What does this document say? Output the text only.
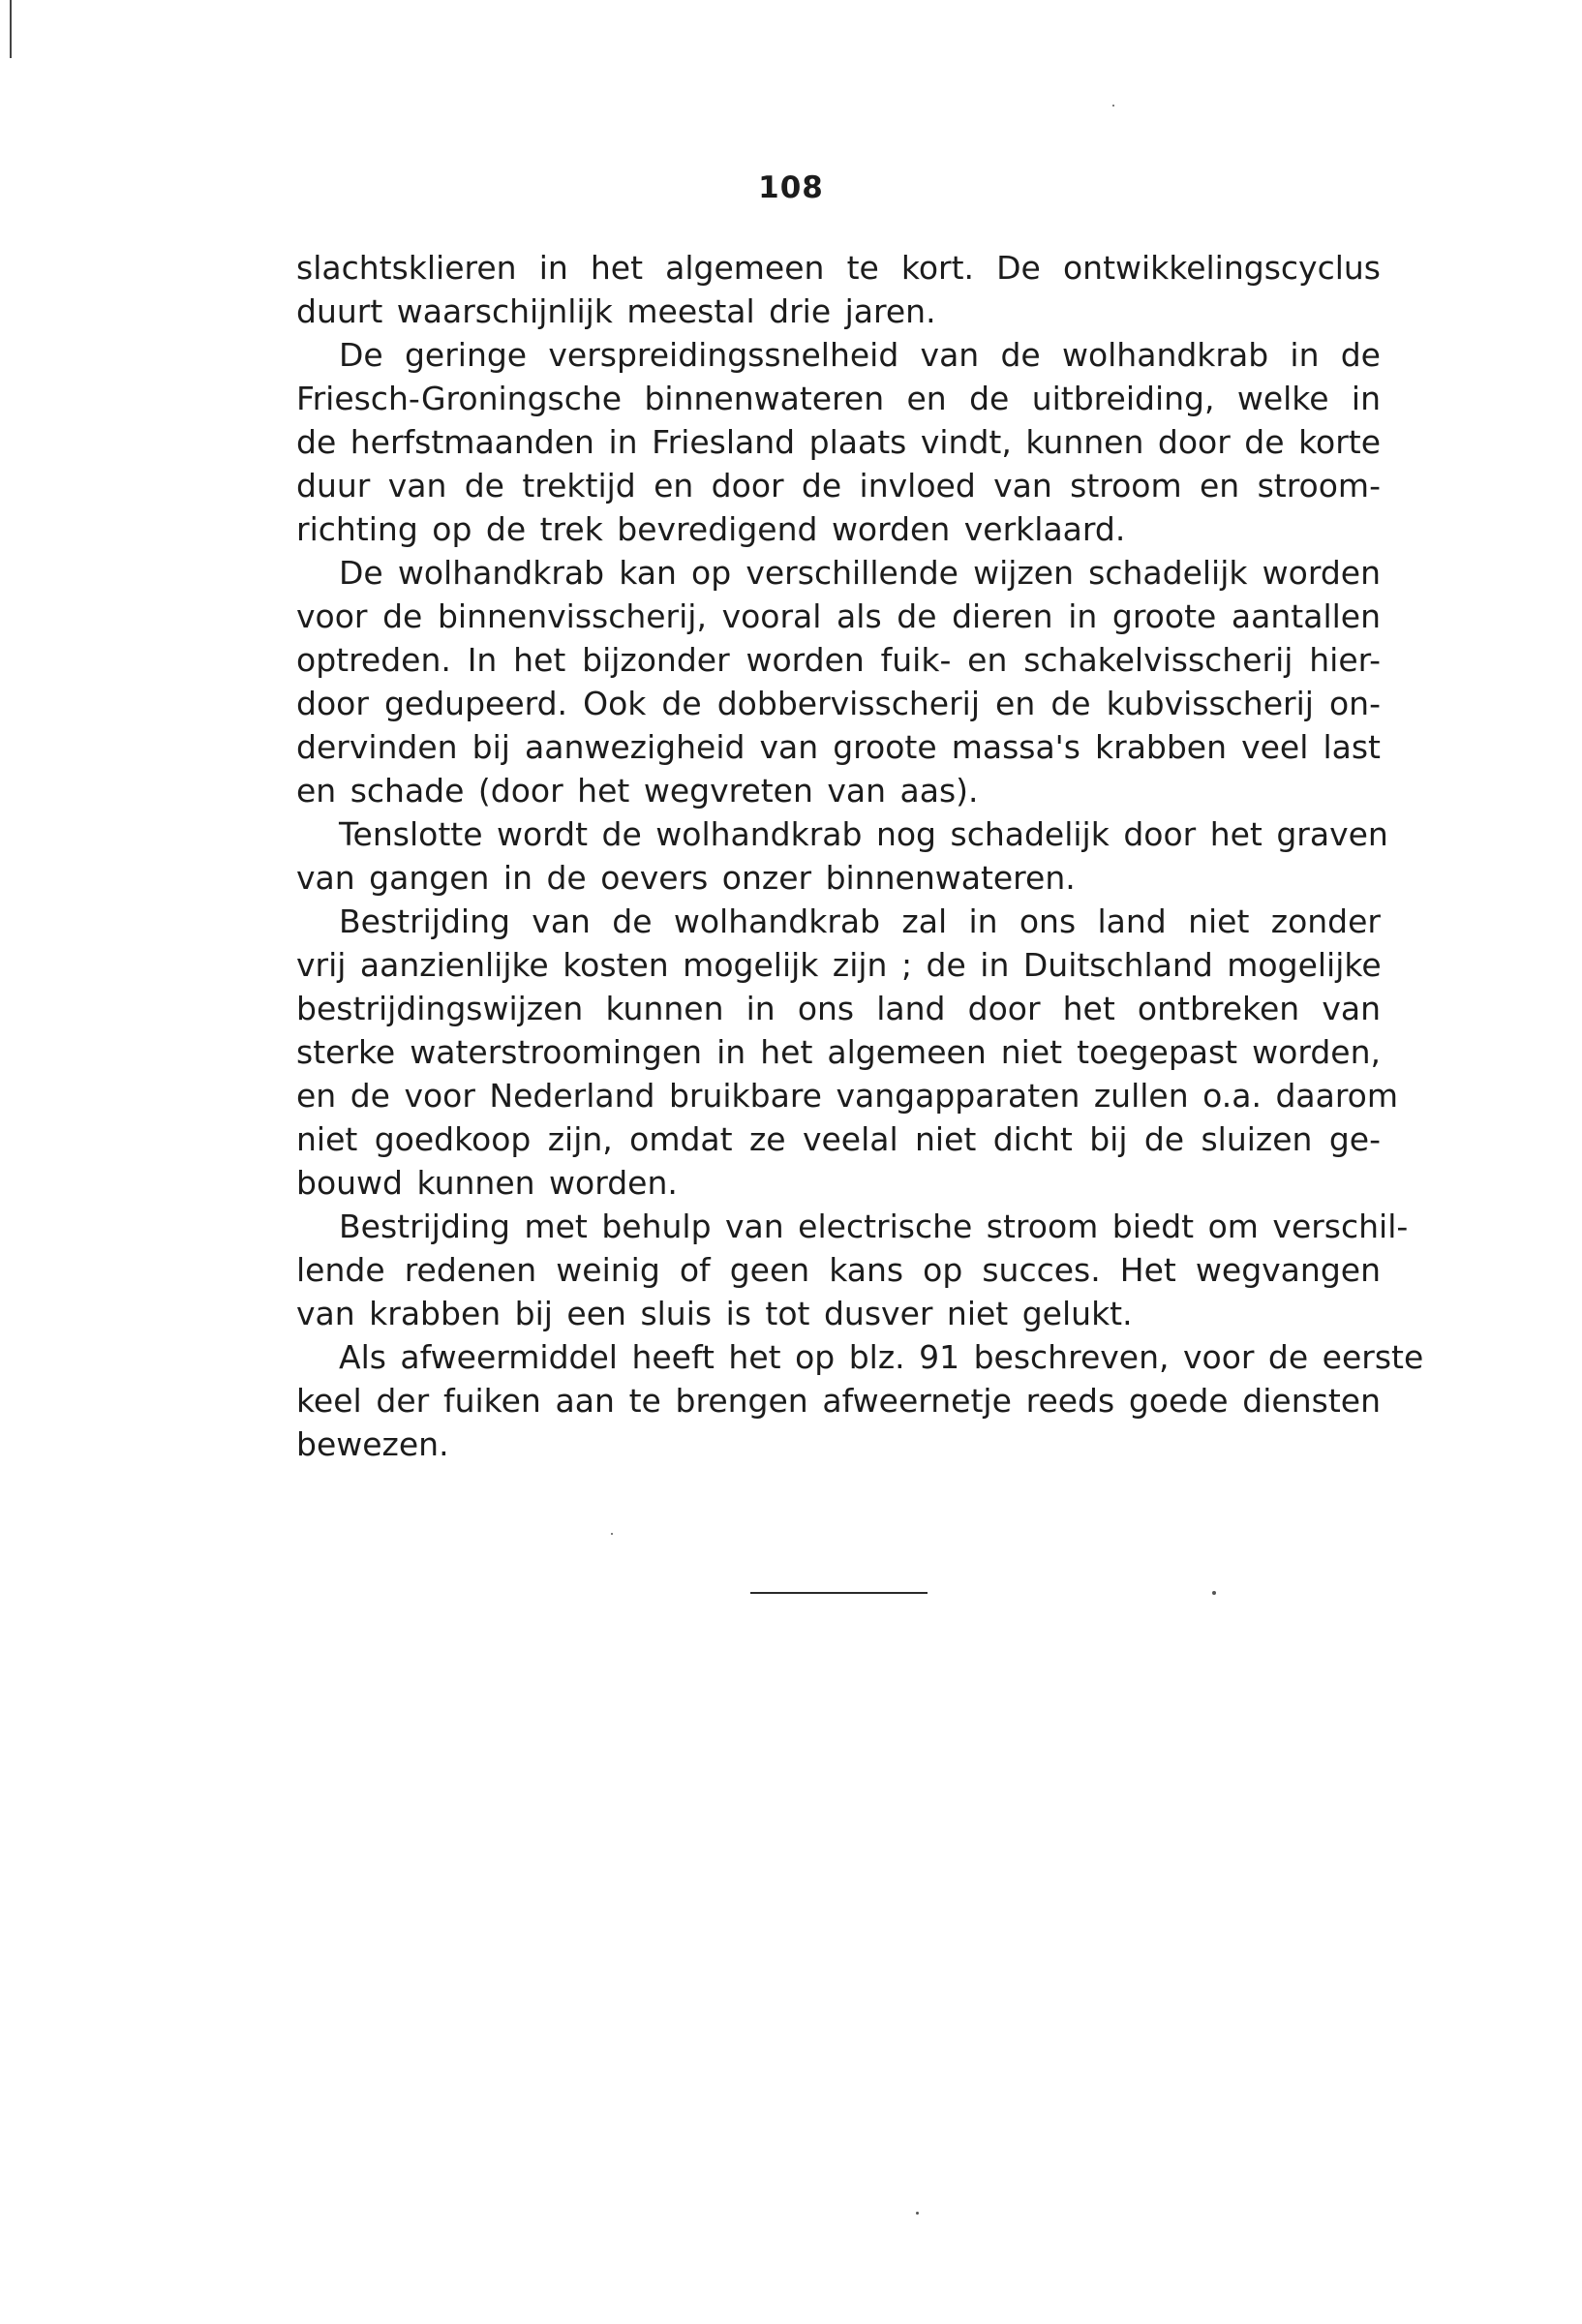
108
slachtsklieren in het algemeen te kort. De ontwikkelingscyclus
duurt waarschijnlijk meestal drie jaren.
De geringe verspreidingssnelheid van de wolhandkrab in de
Friesch-Groningsche binnenwateren en de uitbreiding, welke in
de herfstmaanden in Friesland plaats vindt, kunnen door de korte
duur van de trektijd en door de invloed van stroom en stroom-
richting op de trek bevredigend worden verklaard.
De wolhandkrab kan op verschillende wijzen schadelijk worden
voor de binnenvisscherij, vooral als de dieren in groote aantallen
optreden. In het bijzonder worden fuik- en schakelvisscherij hier-
door gedupeerd. Ook de dobbervisscherij en de kubvisscherij on-
dervinden bij aanwezigheid van groote massa's krabben veel last
en schade (door het wegvreten van aas).
Tenslotte wordt de wolhandkrab nog schadelijk door het graven
van gangen in de oevers onzer binnenwateren.
Bestrijding van de wolhandkrab zal in ons land niet zonder
vrij aanzienlijke kosten mogelijk zijn ; de in Duitschland mogelijke
bestrijdingswijzen kunnen in ons land door het ontbreken van
sterke waterstroomingen in het algemeen niet toegepast worden,
en de voor Nederland bruikbare vangapparaten zullen o.a. daarom
niet goedkoop zijn, omdat ze veelal niet dicht bij de sluizen ge-
bouwd kunnen worden.
Bestrijding met behulp van electrische stroom biedt om verschil-
lende redenen weinig of geen kans op succes. Het wegvangen
van krabben bij een sluis is tot dusver niet gelukt.
Als afweermiddel heeft het op blz. 91 beschreven, voor de eerste
keel der fuiken aan te brengen afweernetje reeds goede diensten
bewezen.
